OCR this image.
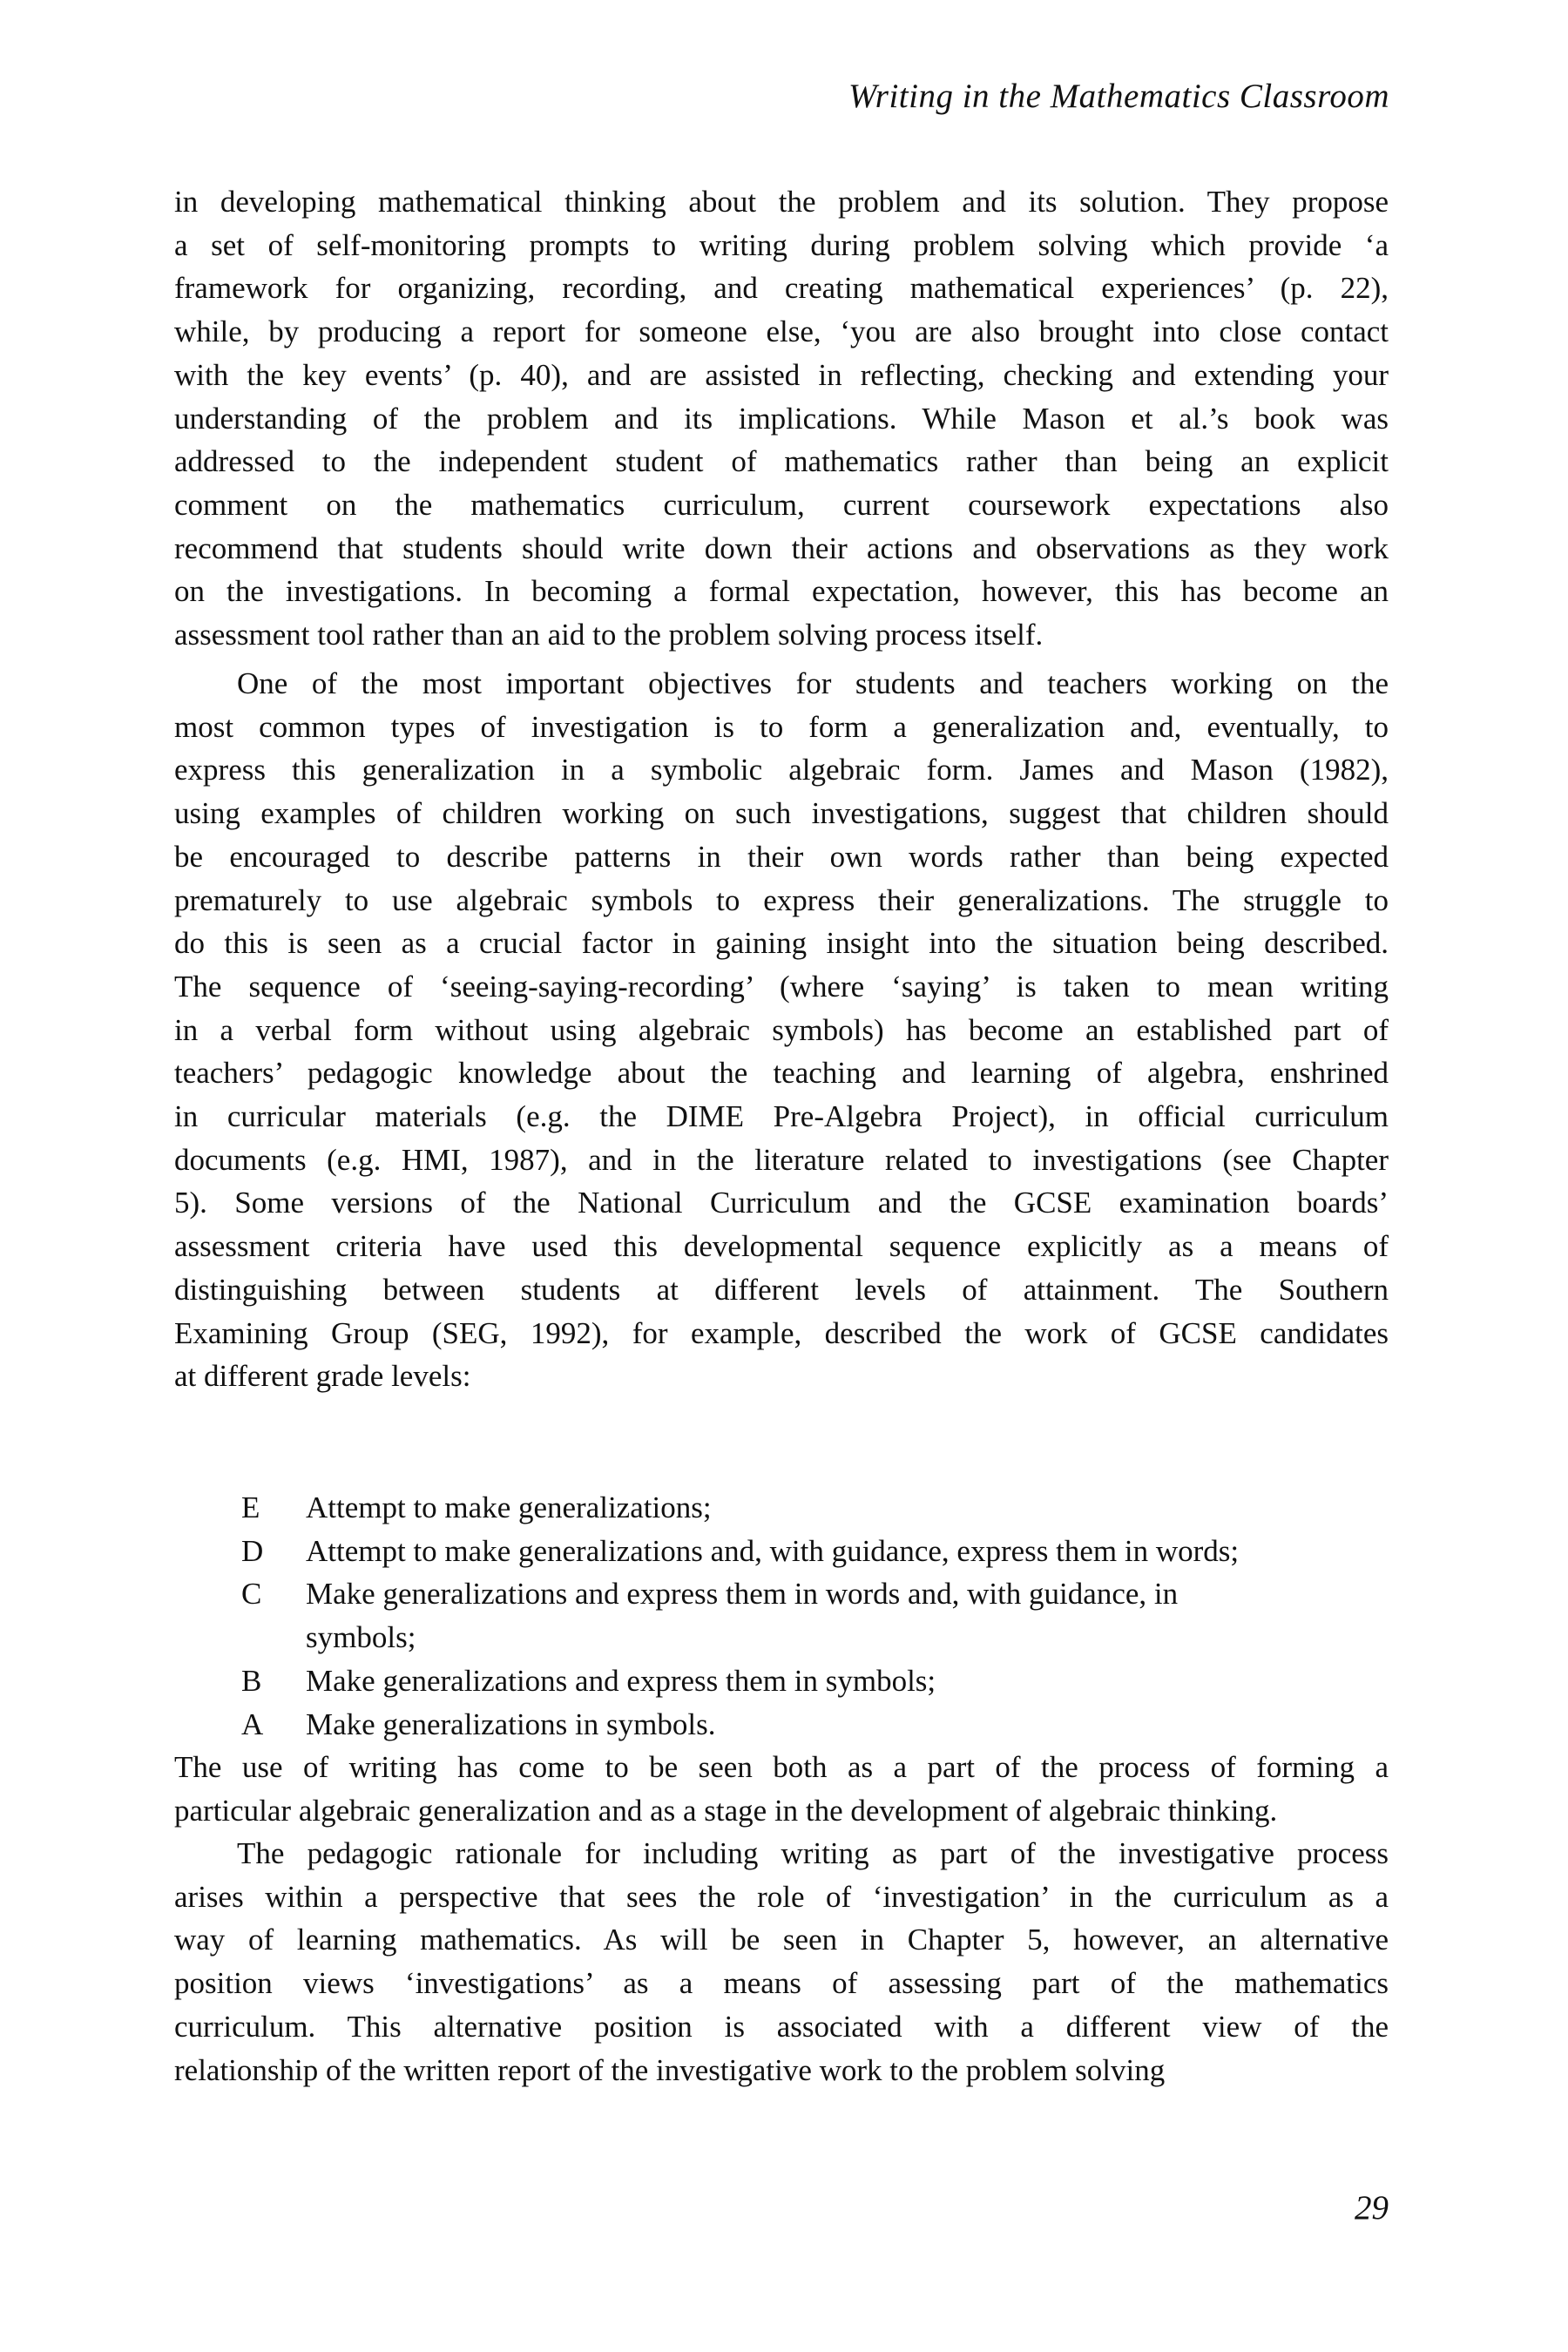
Writing in the Mathematics Classroom
in developing mathematical thinking about the problem and its solution. They propose
a set of self-monitoring prompts to writing during problem solving which provide ‘a
framework for organizing, recording, and creating mathematical experiences’ (p. 22),
while, by producing a report for someone else, ‘you are also brought into close contact
with the key events’ (p. 40), and are assisted in reflecting, checking and extending your
understanding of the problem and its implications. While Mason et al.’s book was
addressed to the independent student of mathematics rather than being an explicit
comment on the mathematics curriculum, current coursework expectations also
recommend that students should write down their actions and observations as they work
on the investigations. In becoming a formal expectation, however, this has become an
assessment tool rather than an aid to the problem solving process itself.
One of the most important objectives for students and teachers working on the
most common types of investigation is to form a generalization and, eventually, to
express this generalization in a symbolic algebraic form. James and Mason (1982),
using examples of children working on such investigations, suggest that children should
be encouraged to describe patterns in their own words rather than being expected
prematurely to use algebraic symbols to express their generalizations. The struggle to
do this is seen as a crucial factor in gaining insight into the situation being described.
The sequence of ‘seeing-saying-recording’ (where ‘saying’ is taken to mean writing
in a verbal form without using algebraic symbols) has become an established part of
teachers’ pedagogic knowledge about the teaching and learning of algebra, enshrined
in curricular materials (e.g. the DIME Pre-Algebra Project), in official curriculum
documents (e.g. HMI, 1987), and in the literature related to investigations (see Chapter
5). Some versions of the National Curriculum and the GCSE examination boards’
assessment criteria have used this developmental sequence explicitly as a means of
distinguishing between students at different levels of attainment. The Southern
Examining Group (SEG, 1992), for example, described the work of GCSE candidates
at different grade levels:
The use of writing has come to be seen both as a part of the process of forming a
particular algebraic generalization and as a stage in the development of algebraic thinking.
The pedagogic rationale for including writing as part of the investigative process
arises within a perspective that sees the role of ‘investigation’ in the curriculum as a
way of learning mathematics. As will be seen in Chapter 5, however, an alternative
position views ‘investigations’ as a means of assessing part of the mathematics
curriculum. This alternative position is associated with a different view of the
relationship of the written report of the investigative work to the problem solving
E Attempt to make generalizations;
D Attempt to make generalizations and, with guidance, express them in words;
C Make generalizations and express them in words and, with guidance, in
symbols;
B Make generalizations and express them in symbols;
A Make generalizations in symbols.
29
